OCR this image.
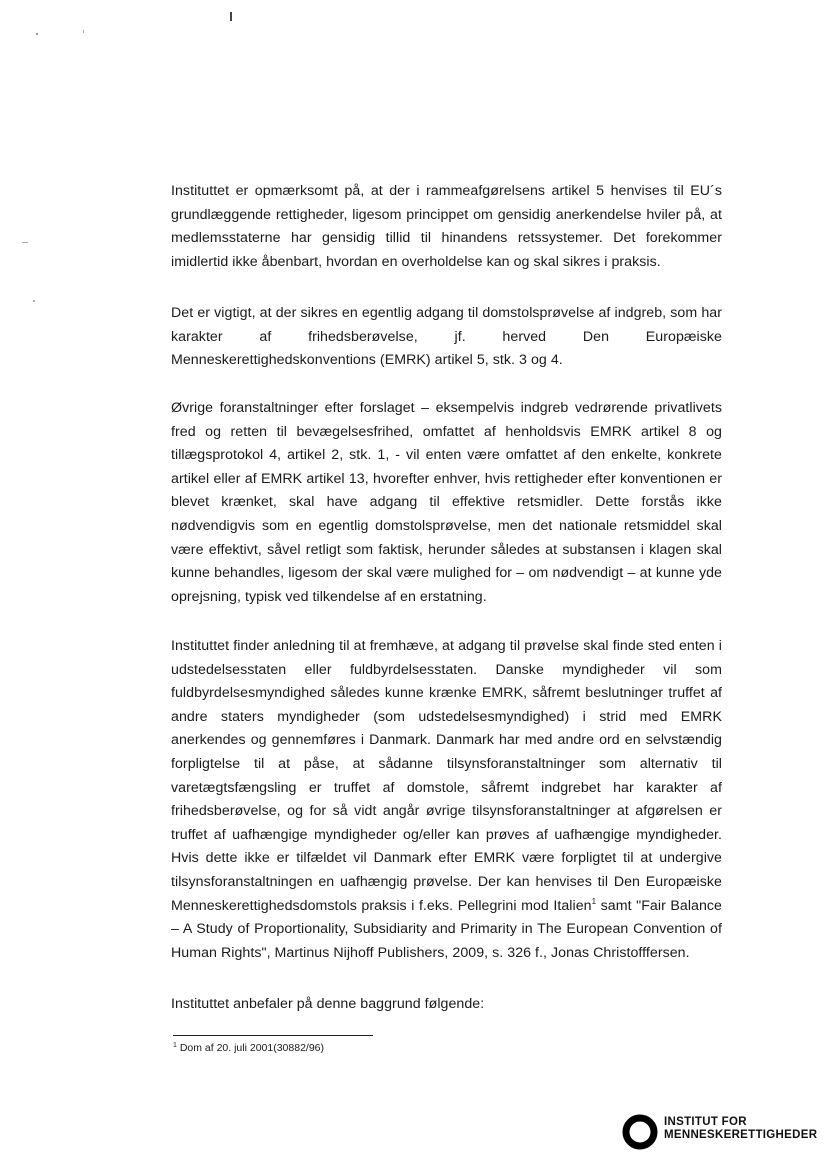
Instituttet er opmærksomt på, at der i rammeafgørelsens artikel 5 henvises til EU´s grundlæggende rettigheder, ligesom princippet om gensidig anerkendelse hviler på, at medlemsstaterne har gensidig tillid til hinandens retssystemer. Det forekommer imidlertid ikke åbenbart, hvordan en overholdelse kan og skal sikres i praksis.

Det er vigtigt, at der sikres en egentlig adgang til domstolsprøvelse af indgreb, som har karakter af frihedsberøvelse, jf. herved Den Europæiske Menneskerettighedskonventions (EMRK) artikel 5, stk. 3 og 4.

Øvrige foranstaltninger efter forslaget – eksempelvis indgreb vedrørende privatlivets fred og retten til bevægelsesfrihed, omfattet af henholdsvis EMRK artikel 8 og tillægsprotokol 4, artikel 2, stk. 1, - vil enten være omfattet af den enkelte, konkrete artikel eller af EMRK artikel 13, hvorefter enhver, hvis rettigheder efter konventionen er blevet krænket, skal have adgang til effektive retsmidler. Dette forstås ikke nødvendigvis som en egentlig domstolsprøvelse, men det nationale retsmiddel skal være effektivt, såvel retligt som faktisk, herunder således at substansen i klagen skal kunne behandles, ligesom der skal være mulighed for – om nødvendigt – at kunne yde oprejsning, typisk ved tilkendelse af en erstatning.

Instituttet finder anledning til at fremhæve, at adgang til prøvelse skal finde sted enten i udstedelsesstaten eller fuldbyrdelsesstaten. Danske myndigheder vil som fuldbyrdelsesmyndighed således kunne krænke EMRK, såfremt beslutninger truffet af andre staters myndigheder (som udstedelsesmyndighed) i strid med EMRK anerkendes og gennemføres i Danmark. Danmark har med andre ord en selvstændig forpligtelse til at påse, at sådanne tilsynsforanstaltninger som alternativ til varetægtsfængsling er truffet af domstole, såfremt indgrebet har karakter af frihedsberøvelse, og for så vidt angår øvrige tilsynsforanstaltninger at afgørelsen er truffet af uafhængige myndigheder og/eller kan prøves af uafhængige myndigheder. Hvis dette ikke er tilfældet vil Danmark efter EMRK være forpligtet til at undergive tilsynsforanstaltningen en uafhængig prøvelse. Der kan henvises til Den Europæiske Menneskerettighedsdomstols praksis i f.eks. Pellegrini mod Italien$^1$ samt "Fair Balance – A Study of Proportionality, Subsidiarity and Primarity in The European Convention of Human Rights", Martinus Nijhoff Publishers, 2009, s. 326 f., Jonas Christofffersen.

Instituttet anbefaler på denne baggrund følgende:

$^1$ Dom af 20. juli 2001(30882/96)
INSTITUT FOR
MENNESKERETTIGHEDER
